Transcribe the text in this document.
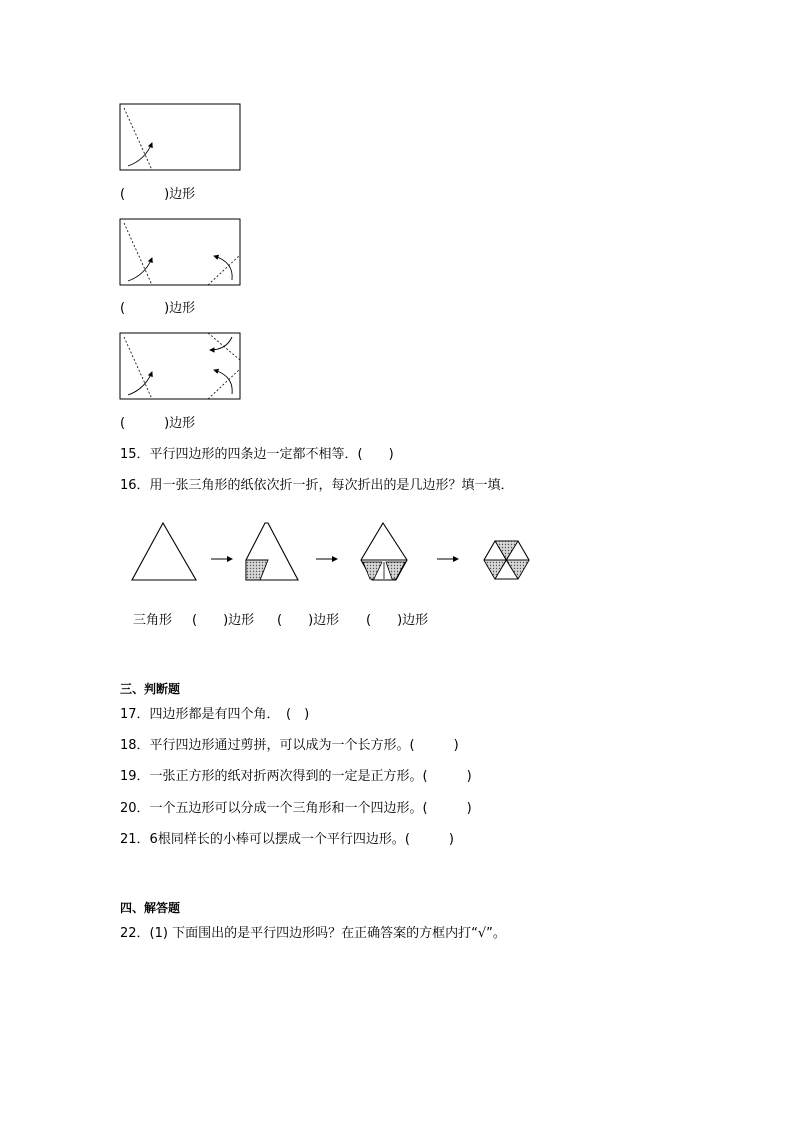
(　　　)边形
(　　　)边形
(　　　)边形
15．平行四边形的四条边一定都不相等．(　　)
16．用一张三角形的纸依次折一折，每次折出的是几边形？填一填．
三角形 (　　)边形 (　　)边形 (　　)边形
三、判断题
17．四边形都是有四个角．　(　)
18．平行四边形通过剪拼，可以成为一个长方形。(　　　)
19．一张正方形的纸对折两次得到的一定是正方形。(　　　)
20．一个五边形可以分成一个三角形和一个四边形。(　　　)
21．6根同样长的小棒可以摆成一个平行四边形。(　　　)
四、解答题
22．(1) 下面围出的是平行四边形吗？在正确答案的方框内打“√”。
